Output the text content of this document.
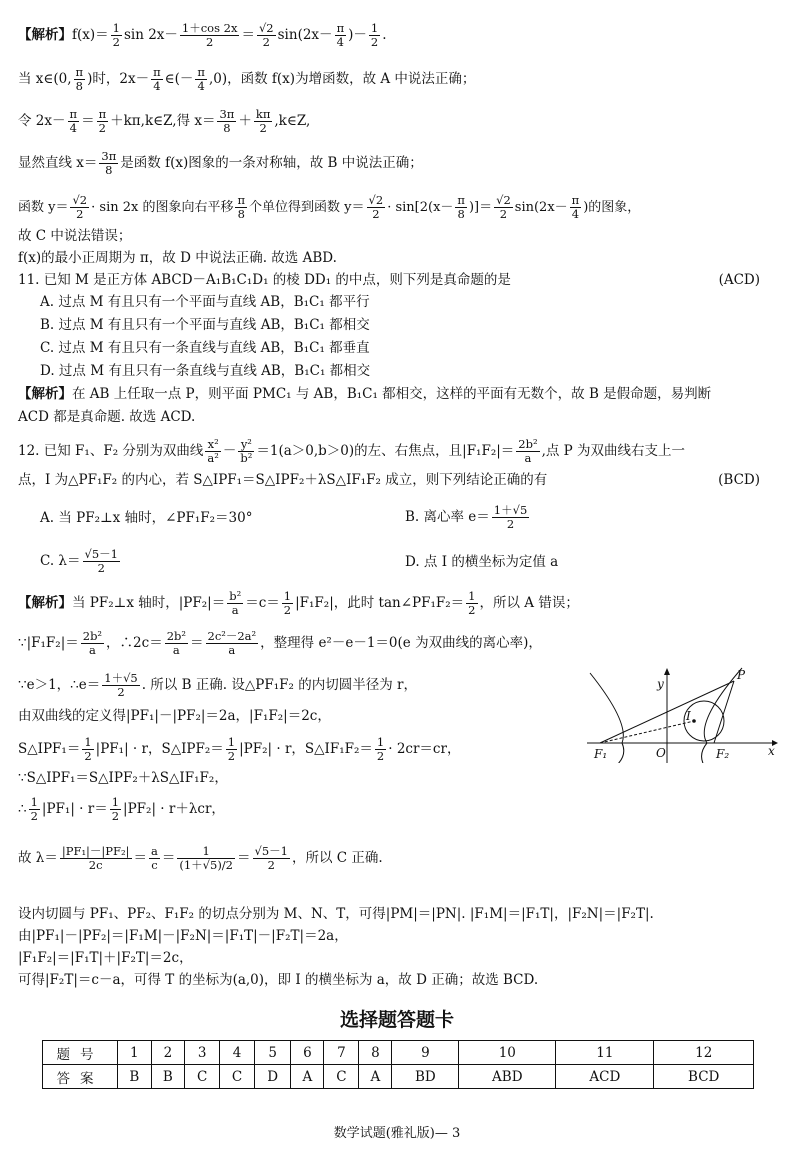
【解析】$f(x)= \frac{1}{2}$ $\sin 2x- \frac{1+\cos 2x}{2} = \frac{√2}{2} \sin(2x- \frac{\pi}{4}$ )－ $\frac{1}{2}$ .
当 x∈(0, $\frac{\pi}{8}$ )时，$2x- \frac{\pi}{4}$ ∈(－ $\frac{\pi}{4} ,0$)，函数 f(x)为增函数，故 A 中说法正确；
令 $2x- \frac{\pi}{4} = \frac{\pi}{2}$ ＋kπ,k∈Z,得 $x= \frac{3\pi}{8} + \frac{k\pi}{2}$ ,k∈Z,
显然直线 $x= \frac{3\pi}{8}$ 是函数 f(x)图象的一条对称轴，故 B 中说法正确；
函数 $y= \frac{√2}{2} \cdot \sin 2x$ 的图象向右平移 $\frac{\pi}{8}$ 个单位得到函数 $y= \frac{√2}{2} \cdot \sin[2(x- \frac{\pi}{8}$ )]＝ $\frac{√2}{2} \sin(2x- \frac{\pi}{4}$ )的图象，
故 C 中说法错误；
f(x)的最小正周期为 π，故 D 中说法正确. 故选 ABD.
11. 已知 M 是正方体 ABCD－A₁B₁C₁D₁ 的棱 DD₁ 的中点，则下列是真命题的是	(ACD)
A. 过点 M 有且只有一个平面与直线 AB，B₁C₁ 都平行
B. 过点 M 有且只有一个平面与直线 AB，B₁C₁ 都相交
C. 过点 M 有且只有一条直线与直线 AB，B₁C₁ 都垂直
D. 过点 M 有且只有一条直线与直线 AB，B₁C₁ 都相交
【解析】在 AB 上任取一点 P，则平面 PMC₁ 与 AB，B₁C₁ 都相交，这样的平面有无数个，故 B 是假命题，易判断
ACD 都是真命题. 故选 ACD.
12. 已知 F₁、F₂ 分别为双曲线 $\frac{\text{x²}}{\text{a²}} - \frac{\text{y²}}{\text{b²}} =1(a>0,b>0)$的左、右焦点，且$|F_1F_2|= \frac{\text{2b²}}{a}$ ,点 P 为双曲线右支上一
点，I 为△PF₁F₂ 的内心，若 S△IPF₁＝S△IPF₂＋λS△IF₁F₂ 成立，则下列结论正确的有	(BCD)
A. 当 PF₂⊥x 轴时，∠PF₁F₂＝30°	B. 离心率 $e= \frac{1+√5}{2}$
C. $\lambda= \frac{√5-1}{2}$	D. 点 I 的横坐标为定值 a
【解析】当 PF₂⊥x 轴时，$|PF_2|= \frac{\text{b²}}{a} =c= \frac{1}{2} |F_1F_2|$，此时 tan∠PF₁F₂＝ $\frac{1}{2}$ ，所以 A 错误；
∵|F₁F₂|＝ $\frac{\text{2b²}}{a}$ ，∴2c＝ $\frac{\text{2b²}}{a} = \frac{\text{2c²－2a²}}{a}$ ，整理得 e²－e－1＝0(e 为双曲线的离心率)，
∵e＞1，∴e＝ $\frac{1+√5}{2}$ . 所以 B 正确. 设△PF₁F₂ 的内切圆半径为 r，
由双曲线的定义得|PF₁|－|PF₂|＝2a，|F₁F₂|＝2c，
S△IPF₁＝ $\frac{1}{2} |PF_1| \cdot r$，S△IPF₂＝ $\frac{1}{2} |PF_2| \cdot r$，S△IF₁F₂＝ $\frac{1}{2} \cdot 2cr=cr$，
∵S△IPF₁＝S△IPF₂＋λS△IF₁F₂，
∴ $\frac{1}{2} |PF_1| \cdot r= \frac{1}{2} |PF_2| \cdot r+\lambda cr$，
故 $\lambda= \frac{\text{|PF₁|－|PF₂|}}{2c} = \frac{a}{c} = \frac{1}{(1+√5)/2} = \frac{√5-1}{2}$ ，所以 C 正确.
设内切圆与 PF₁、PF₂、F₁F₂ 的切点分别为 M、N、T，可得|PM|＝|PN|. |F₁M|＝|F₁T|，|F₂N|＝|F₂T|.
由|PF₁|－|PF₂|＝|F₁M|－|F₂N|＝|F₁T|－|F₂T|＝2a，
|F₁F₂|＝|F₁T|＋|F₂T|＝2c，
可得|F₂T|＝c－a，可得 T 的坐标为(a,0)，即 I 的横坐标为 a，故 D 正确；故选 BCD.
y
P
I
F₁	O	F₂	x
选择题答题卡
题号	1	2	3	4	5	6	7	8	9	10	11	12
答案	B	B	C	C	D	A	C	A	BD	ABD	ACD	BCD
数学试题(雅礼版)— 3
